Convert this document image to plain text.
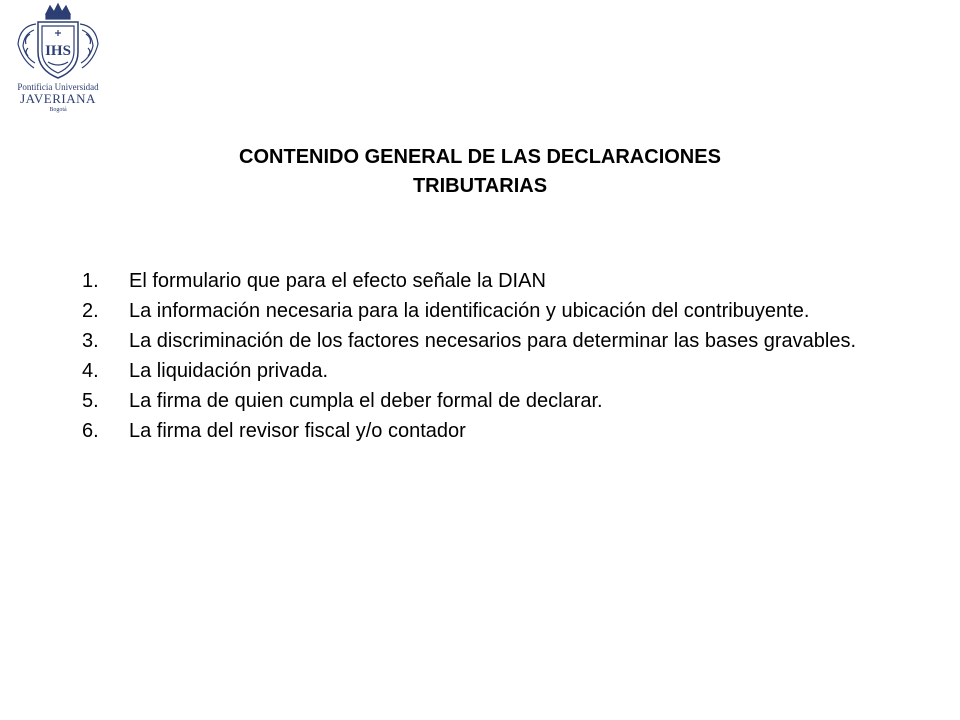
IHS
Pontificia Universidad
JAVERIANA
Bogotá
CONTENIDO GENERAL DE LAS DECLARACIONES
TRIBUTARIAS
1.	El formulario que para el efecto señale la DIAN
2.	La información necesaria para la identificación y ubicación del contribuyente.
3.	La discriminación de los factores necesarios para determinar las bases gravables.
4.	La liquidación privada.
5.	La firma de quien cumpla el deber formal de declarar.
6.	La firma del revisor fiscal y/o contador
